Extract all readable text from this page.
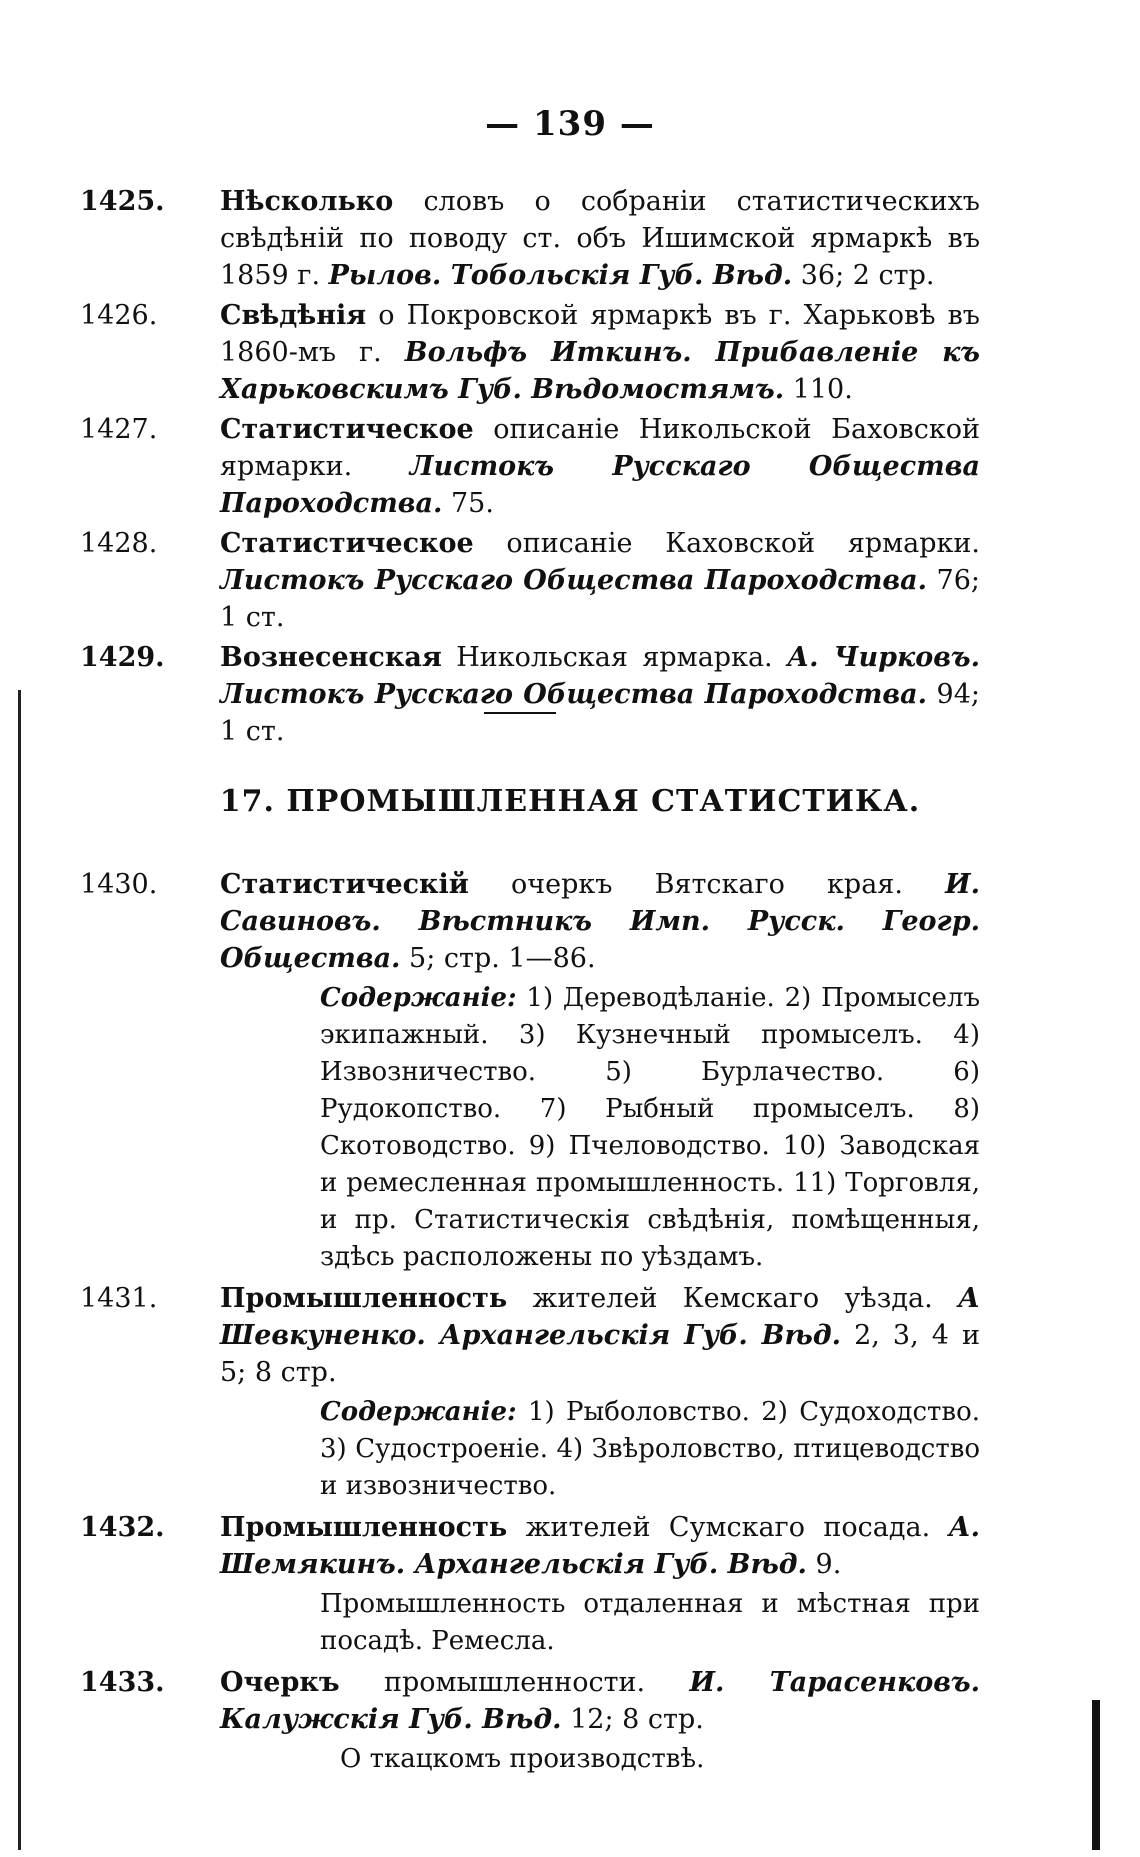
— 139 —
1425.	Нѣсколько словъ о собраніи статистическихъ свѣдѣній по поводу ст. объ Ишимской ярмаркѣ въ 1859 г. Рылов. Тобольскія Губ. Вѣд. 36; 2 стр.
1426.	Свѣдѣнія о Покровской ярмаркѣ въ г. Харьковѣ въ 1860-мъ г. Вольфъ Иткинъ. Прибавленіе къ Харьковскимъ Губ. Вѣдомостямъ. 110.
1427.	Статистическое описаніе Никольской Баховской ярмарки. Листокъ Русскаго Общества Пароходства. 75.
1428.	Статистическое описаніе Каховской ярмарки. Листокъ Русскаго Общества Пароходства. 76; 1 ст.
1429.	Вознесенская Никольская ярмарка. А. Чирковъ. Листокъ Русскаго Общества Пароходства. 94; 1 ст.
17. ПРОМЫШЛЕННАЯ СТАТИСТИКА.
1430.	Статистическій очеркъ Вятскаго края. И. Савиновъ. Вѣстникъ Имп. Русск. Геогр. Общества. 5; стр. 1—86.
Содержаніе: 1) Дереводѣланіе. 2) Промыселъ экипажный. 3) Кузнечный промыселъ. 4) Извозничество. 5) Бурлачество. 6) Рудокопство. 7) Рыбный промыселъ. 8) Скотоводство. 9) Пчеловодство. 10) Заводская и ремесленная промышленность. 11) Торговля, и пр. Статистическія свѣдѣнія, помѣщенныя, здѣсь расположены по уѣздамъ.
1431.	Промышленность жителей Кемскаго уѣзда. А Шевкуненко. Архангельскія Губ. Вѣд. 2, 3, 4 и 5; 8 стр.
Содержаніе: 1) Рыболовство. 2) Судоходство. 3) Судостроеніе. 4) Звѣроловство, птицеводство и извозничество.
1432.	Промышленность жителей Сумскаго посада. А. Шемякинъ. Архангельскія Губ. Вѣд. 9.
Промышленность отдаленная и мѣстная при посадѣ. Ремесла.
1433.	Очеркъ промышленности. И. Тарасенковъ. Калужскія Губ. Вѣд. 12; 8 стр.
О ткацкомъ производствѣ.
